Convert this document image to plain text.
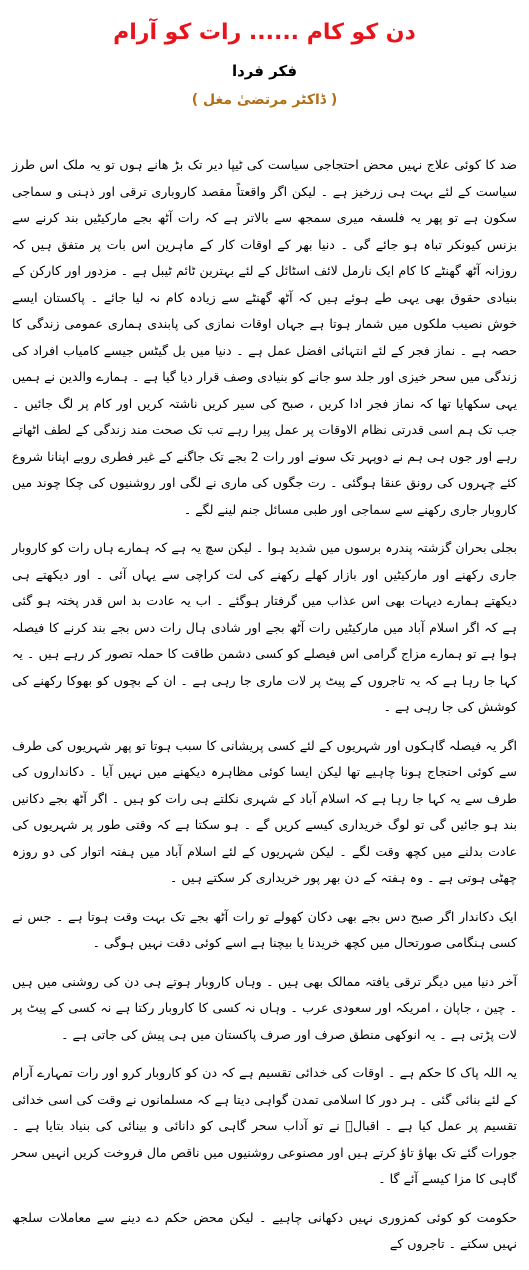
دن کو کام ...... رات کو آرام
فکر فردا
( ڈاکٹر مرتضیٰ مغل )

ضد کا کوئی علاج نہیں محض احتجاجی سیاست کی ٹیپا دیر تک بڑ ھانے ہوں تو یہ ملک اس طرز سیاست کے لئے بہت ہی زرخیز ہے ۔ لیکن اگر واقعتاً مقصد کاروباری ترقی اور ذہنی و سماجی سکون ہے تو پھر یہ فلسفہ میری سمجھ سے بالاتر ہے کہ رات آٹھ بجے مارکیٹیں بند کرنے سے بزنس کیونکر تباہ ہو جائے گی ۔ دنیا بھر کے اوقات کار کے ماہرین اس بات پر متفق ہیں کہ روزانہ آٹھ گھنٹے کا کام ایک نارمل لائف اسٹائل کے لئے بہترین ٹائم ٹیبل ہے ۔ مزدور اور کارکن کے بنیادی حقوق بھی یہی طے ہوئے ہیں کہ آٹھ گھنٹے سے زیادہ کام نہ لیا جائے ۔ پاکستان ایسے خوش نصیب ملکوں میں شمار ہوتا ہے جہاں اوقات نمازی کی پابندی ہماری عمومی زندگی کا حصہ ہے ۔ نماز فجر کے لئے انتہائی افضل عمل ہے ۔ دنیا میں بل گیٹس جیسے کامیاب افراد کی زندگی میں سحر خیزی اور جلد سو جانے کو بنیادی وصف قرار دیا گیا ہے ۔ ہمارے والدین نے ہمیں یہی سکھایا تھا کہ نماز فجر ادا کریں ، صبح کی سیر کریں ناشتہ کریں اور کام پر لگ جائیں ۔ جب تک ہم اسی قدرتی نظام الاوقات پر عمل پیرا رہے تب تک صحت مند زندگی کے لطف اٹھاتے رہے اور جوں ہی ہم نے دوپہر تک سونے اور رات 2 بجے تک جاگنے کے غیر فطری رویے اپنانا شروع کئے چہروں کی رونق عنقا ہوگئی ۔ رت جگوں کی ماری نے لگی اور روشنیوں کی چکا چوند میں کاروبار جاری رکھنے سے سماجی اور طبی مسائل جنم لینے لگے ۔

بجلی بحران گزشتہ پندرہ برسوں میں شدید ہوا ۔ لیکن سچ یہ ہے کہ ہمارے ہاں رات کو کاروبار جاری رکھنے اور مارکیٹیں اور بازار کھلے رکھنے کی لت کراچی سے یہاں آئی ۔ اور دیکھتے ہی دیکھتے ہمارے دیہات بھی اس عذاب میں گرفتار ہوگئے ۔ اب یہ عادت بد اس قدر پختہ ہو گئی ہے کہ اگر اسلام آباد میں مارکیٹیں رات آٹھ بجے اور شادی ہال رات دس بجے بند کرنے کا فیصلہ ہوا ہے تو ہمارے مزاج گرامی اس فیصلے کو کسی دشمن طاقت کا حملہ تصور کر رہے ہیں ۔ یہ کہا جا رہا ہے کہ یہ تاجروں کے پیٹ پر لات ماری جا رہی ہے ۔ ان کے بچوں کو بھوکا رکھنے کی کوشش کی جا رہی ہے ۔

اگر یہ فیصلہ گاہکوں اور شہریوں کے لئے کسی پریشانی کا سبب ہوتا تو پھر شہریوں کی طرف سے کوئی احتجاج ہونا چاہیے تھا لیکن ایسا کوئی مظاہرہ دیکھنے میں نہیں آیا ۔ دکانداروں کی طرف سے یہ کہا جا رہا ہے کہ اسلام آباد کے شہری نکلتے ہی رات کو ہیں ۔ اگر آٹھ بجے دکانیں بند ہو جائیں گی تو لوگ خریداری کیسے کریں گے ۔ ہو سکتا ہے کہ وقتی طور پر شہریوں کی عادت بدلنے میں کچھ وقت لگے ۔ لیکن شہریوں کے لئے اسلام آباد میں ہفتہ اتوار کی دو روزہ چھٹی ہوتی ہے ۔ وہ ہفتہ کے دن بھر پور خریداری کر سکتے ہیں ۔

ایک دکاندار اگر صبح دس بجے بھی دکان کھولے تو رات آٹھ بجے تک بہت وقت ہوتا ہے ۔ جس نے کسی ہنگامی صورتحال میں کچھ خریدنا یا بیچنا ہے اسے کوئی دقت نہیں ہوگی ۔

آخر دنیا میں دیگر ترقی یافتہ ممالک بھی ہیں ۔ وہاں کاروبار ہوتے ہی دن کی روشنی میں ہیں ۔ چین ، جاپان ، امریکہ اور سعودی عرب ۔ وہاں نہ کسی کا کاروبار رکتا ہے نہ کسی کے پیٹ پر لات پڑتی ہے ۔ یہ انوکھی منطق صرف اور صرف پاکستان میں ہی پیش کی جاتی ہے ۔

یہ اللہ پاک کا حکم ہے ۔ اوقات کی خدائی تقسیم ہے کہ دن کو کاروبار کرو اور رات تمہارے آرام کے لئے بنائی گئی ۔ ہر دور کا اسلامی تمدن گواہی دیتا ہے کہ مسلمانوں نے وقت کی اسی خدائی تقسیم پر عمل کیا ہے ۔ اقبالؒ نے تو آداب سحر گاہی کو دانائی و بینائی کی بنیاد بتایا ہے ۔ جورات گئے تک بھاؤ تاؤ کرتے ہیں اور مصنوعی روشنیوں میں ناقص مال فروخت کریں انہیں سحر گاہی کا مزا کیسے آئے گا ۔

حکومت کو کوئی کمزوری نہیں دکھانی چاہیے ۔ لیکن محض حکم دے دینے سے معاملات سلجھ نہیں سکتے ۔ تاجروں کے
